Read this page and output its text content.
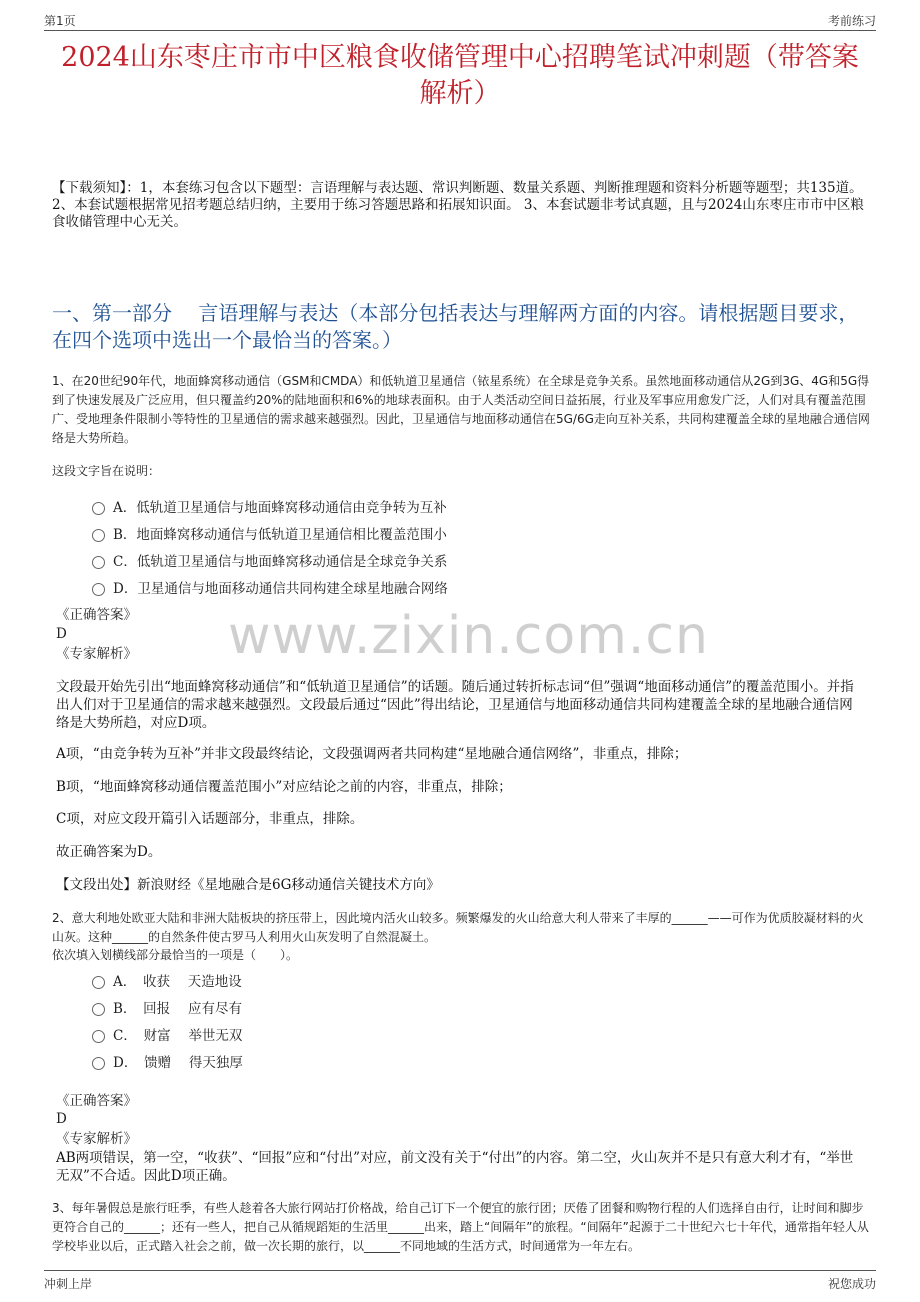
第1页	考前练习
2024山东枣庄市市中区粮食收储管理中心招聘笔试冲刺题（带答案解析）
【下载须知】：1，本套练习包含以下题型：言语理解与表达题、常识判断题、数量关系题、判断推理题和资料分析题等题型；共135道。 2、本套试题根据常见招考题总结归纳，主要用于练习答题思路和拓展知识面。 3、本套试题非考试真题，且与2024山东枣庄市市中区粮食收储管理中心无关。
一、第一部分　 言语理解与表达（本部分包括表达与理解两方面的内容。请根据题目要求，在四个选项中选出一个最恰当的答案。）
1、在20世纪90年代，地面蜂窝移动通信（GSM和CMDA）和低轨道卫星通信（铱星系统）在全球是竞争关系。虽然地面移动通信从2G到3G、4G和5G得到了快速发展及广泛应用，但只覆盖约20%的陆地面积和6%的地球表面积。由于人类活动空间日益拓展，行业及军事应用愈发广泛，人们对具有覆盖范围广、受地理条件限制小等特性的卫星通信的需求越来越强烈。因此，卫星通信与地面移动通信在5G/6G走向互补关系，共同构建覆盖全球的星地融合通信网络是大势所趋。
这段文字旨在说明：
A．低轨道卫星通信与地面蜂窝移动通信由竞争转为互补
B．地面蜂窝移动通信与低轨道卫星通信相比覆盖范围小
C．低轨道卫星通信与地面蜂窝移动通信是全球竞争关系
D．卫星通信与地面移动通信共同构建全球星地融合网络
《正确答案》
D
《专家解析》 www.zixin.com.cn
文段最开始先引出“地面蜂窝移动通信”和“低轨道卫星通信”的话题。随后通过转折标志词“但”强调“地面移动通信”的覆盖范围小。并指出人们对于卫星通信的需求越来越强烈。文段最后通过“因此”得出结论，卫星通信与地面移动通信共同构建覆盖全球的星地融合通信网络是大势所趋，对应D项。
A项，“由竞争转为互补”并非文段最终结论，文段强调两者共同构建“星地融合通信网络”，非重点，排除；
B项，“地面蜂窝移动通信覆盖范围小”对应结论之前的内容，非重点，排除；
C项，对应文段开篇引入话题部分，非重点，排除。
故正确答案为D。
【文段出处】新浪财经《星地融合是6G移动通信关键技术方向》
2、意大利地处欧亚大陆和非洲大陆板块的挤压带上，因此境内活火山较多。频繁爆发的火山给意大利人带来了丰厚的______——可作为优质胶凝材料的火山灰。这种______的自然条件使古罗马人利用火山灰发明了自然混凝土。
依次填入划横线部分最恰当的一项是（　　）。
A．　收获　 天造地设
B．　回报　 应有尽有
C．　财富　 举世无双
D．　馈赠　 得天独厚
《正确答案》
D
《专家解析》
AB两项错误，第一空，“收获”、“回报”应和“付出”对应，前文没有关于“付出”的内容。第二空，火山灰并不是只有意大利才有，“举世无双”不合适。因此D项正确。
3、每年暑假总是旅行旺季，有些人趁着各大旅行网站打价格战，给自己订下一个便宜的旅行团；厌倦了团餐和购物行程的人们选择自由行，让时间和脚步更符合自己的______；还有一些人，把自己从循规蹈矩的生活里______出来，踏上“间隔年”的旅程。“间隔年”起源于二十世纪六七十年代，通常指年轻人从学校毕业以后，正式踏入社会之前，做一次长期的旅行，以______不同地域的生活方式，时间通常为一年左右。
冲刺上岸	祝您成功
